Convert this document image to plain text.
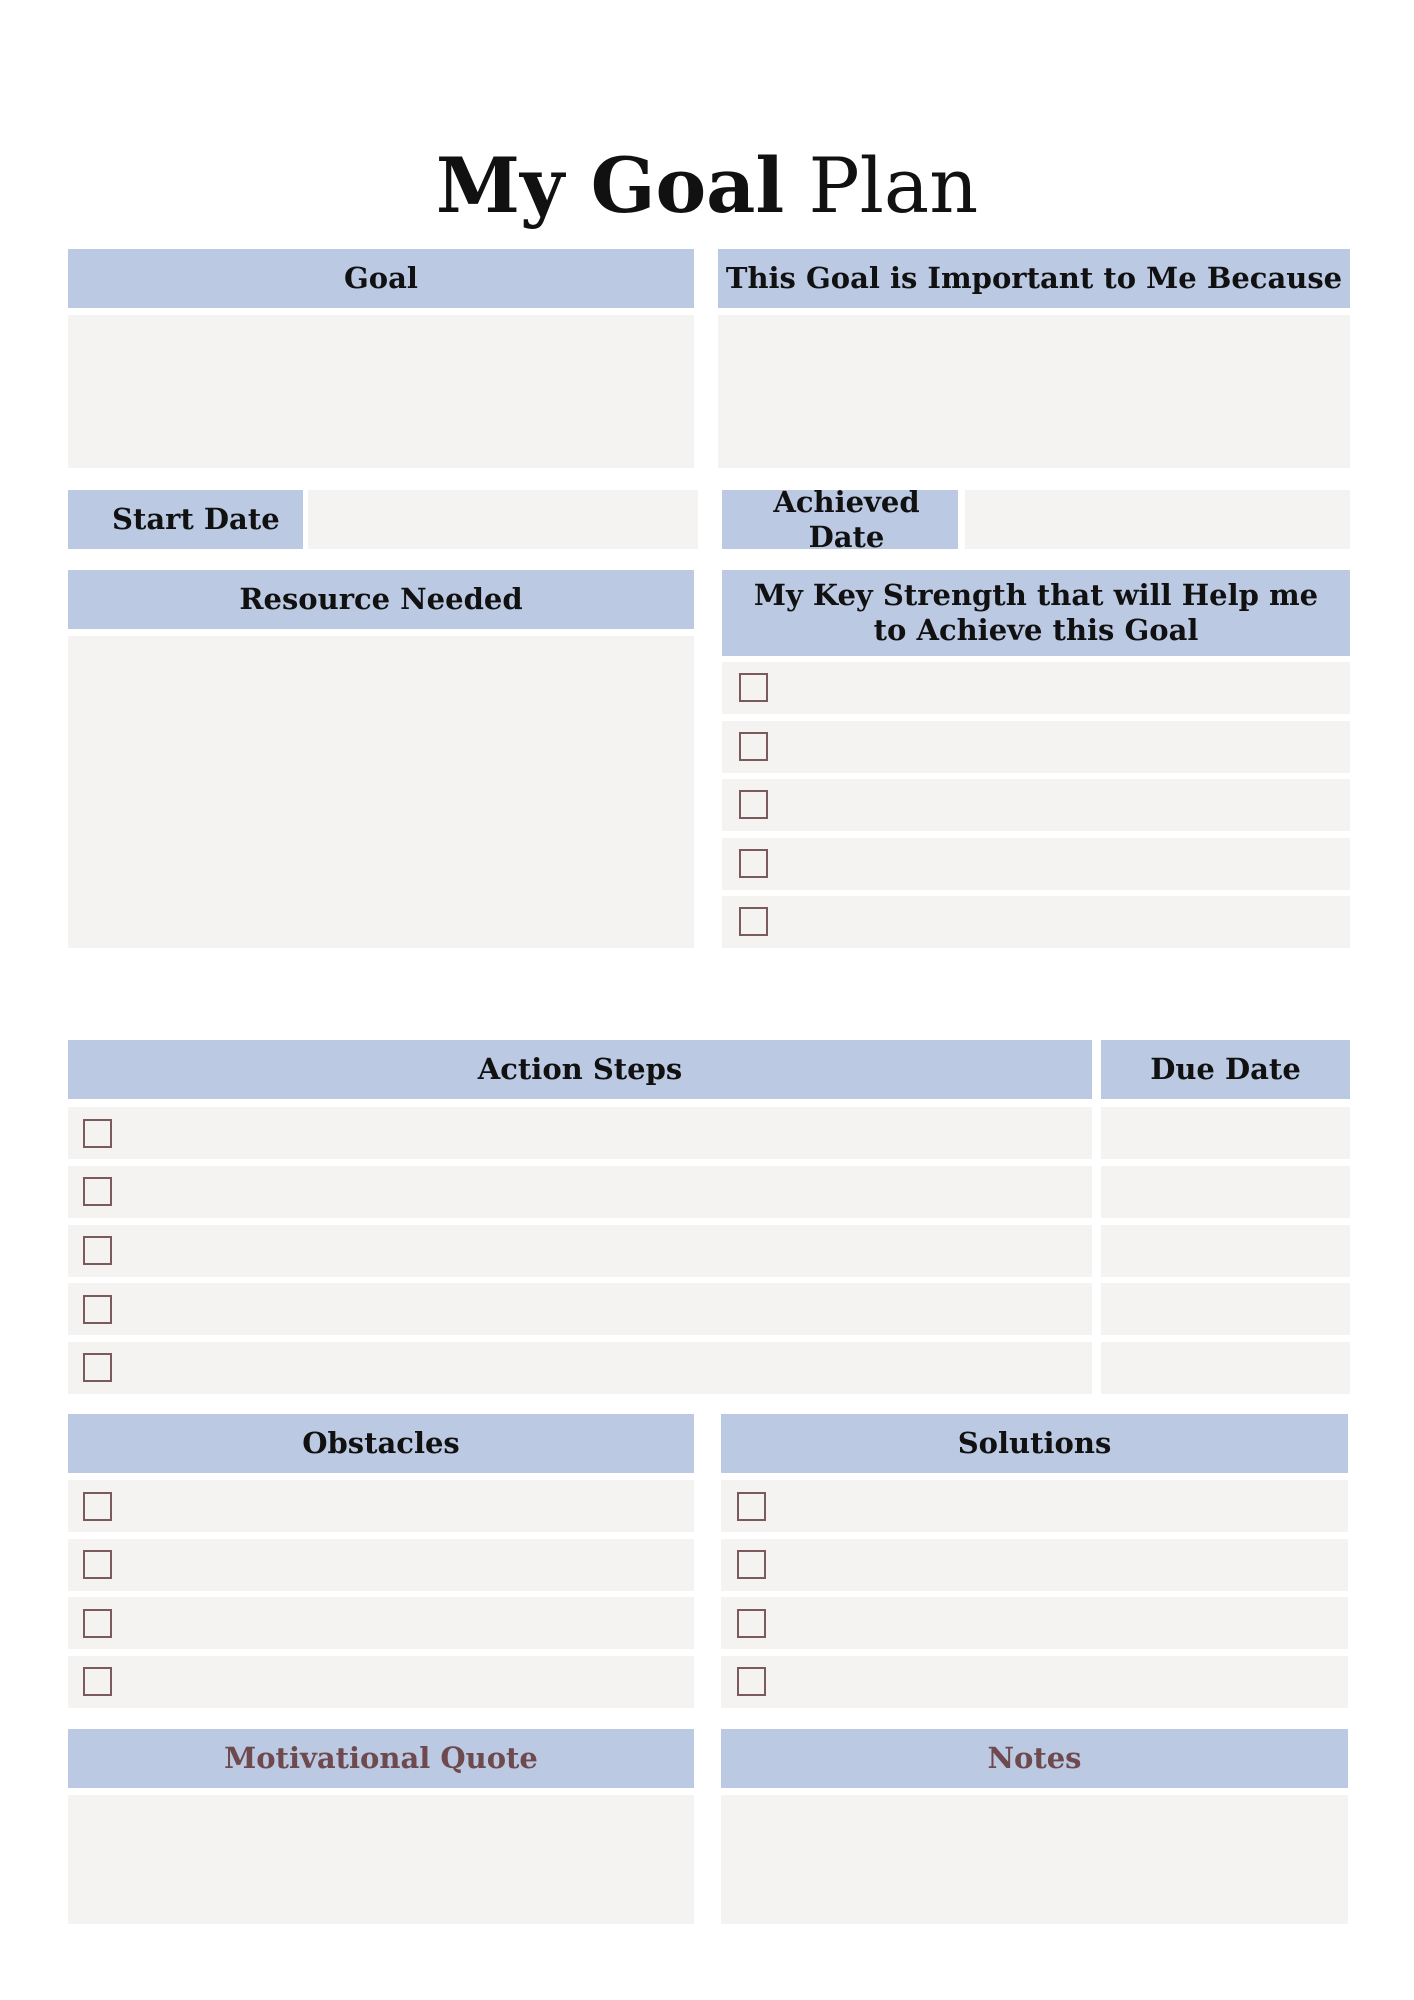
My Goal Plan
Goal	This Goal is Important to Me Because
Start Date
Achieved Date
Resource Needed	My Key Strength that will Help me
to Achieve this Goal
Action Steps	Due Date
Obstacles	Solutions
Motivational Quote	Notes
